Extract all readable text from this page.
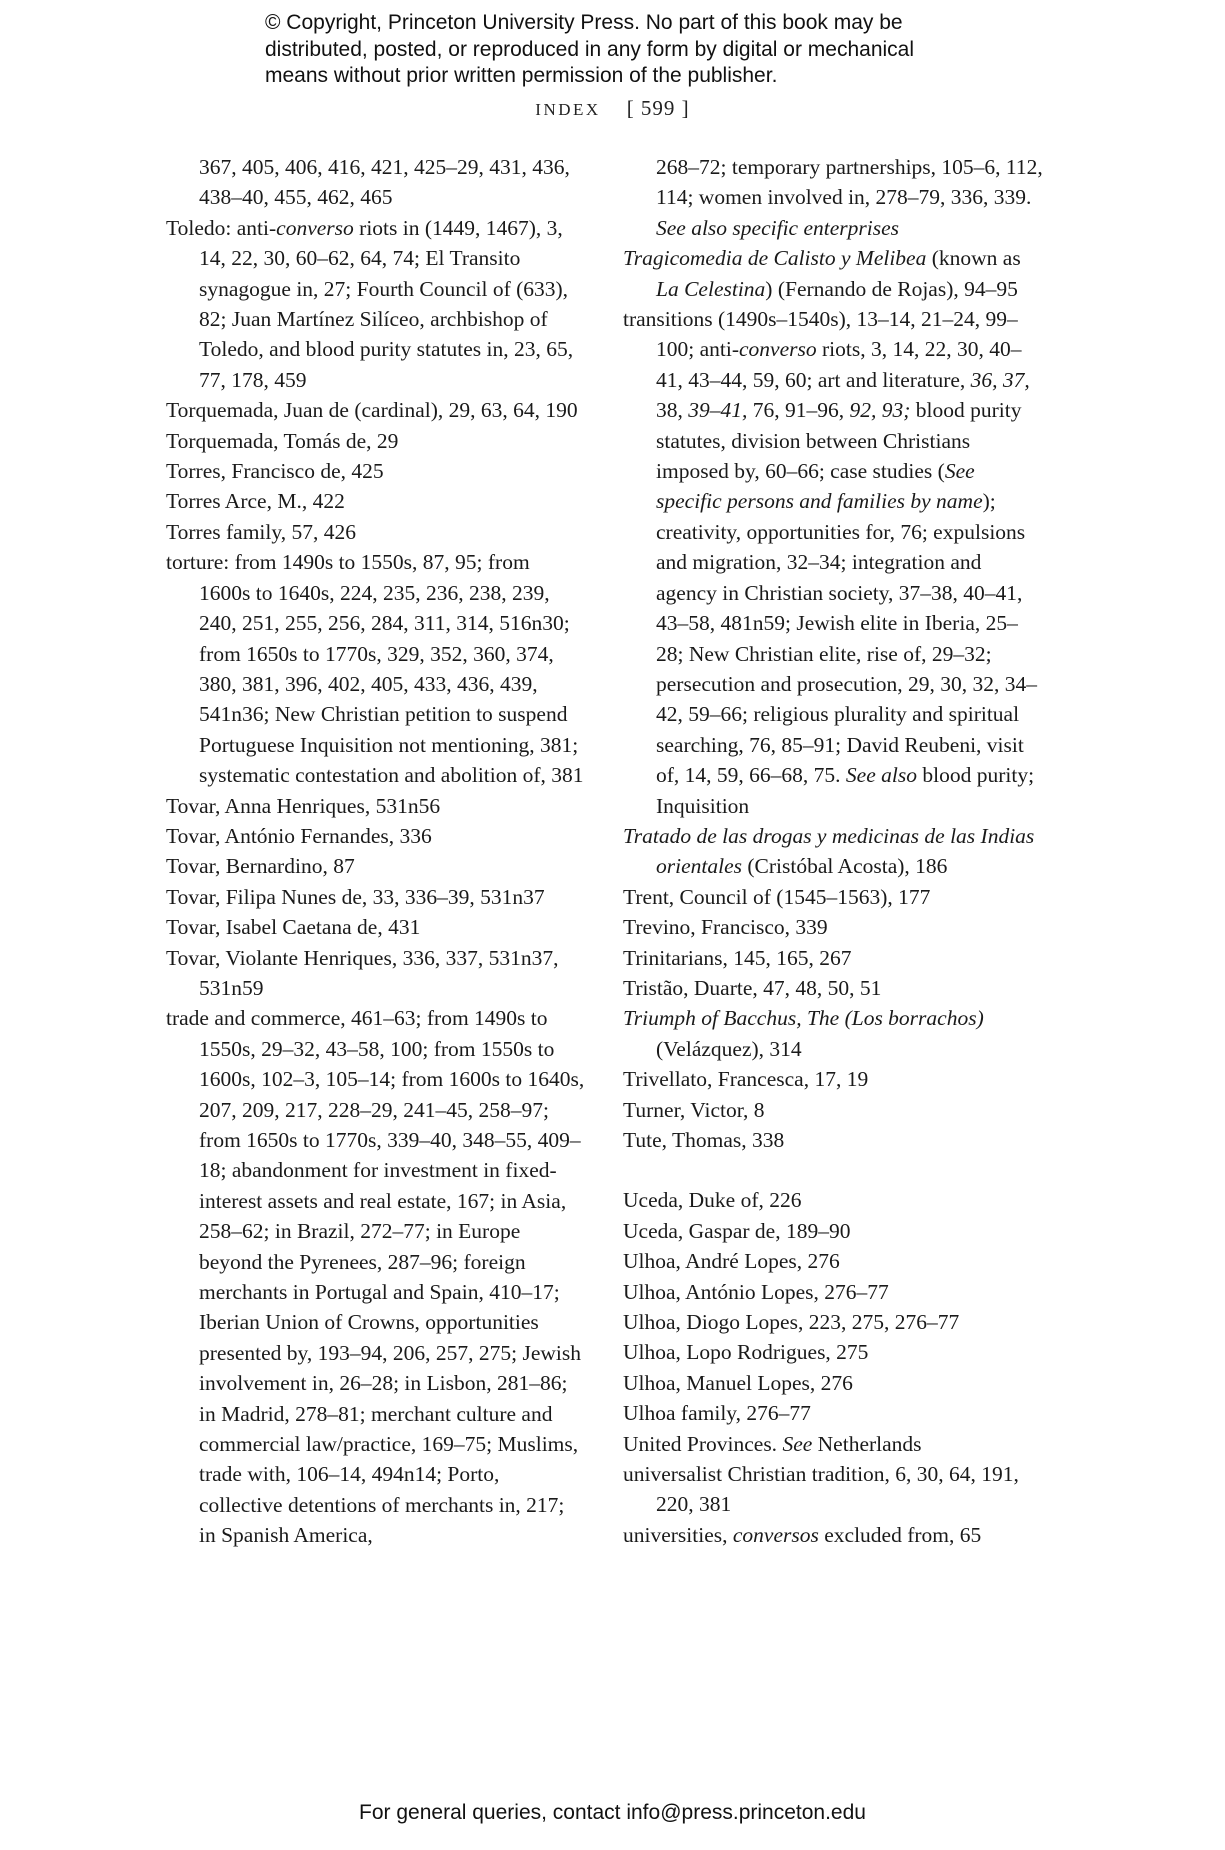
© Copyright, Princeton University Press. No part of this book may be
distributed, posted, or reproduced in any form by digital or mechanical
means without prior written permission of the publisher.
INDEX [ 599 ]

367, 405, 406, 416, 421, 425–29, 431, 436, 438–40, 455, 462, 465

Toledo: anti-converso riots in (1449, 1467), 3, 14, 22, 30, 60–62, 64, 74; El Transito synagogue in, 27; Fourth Council of (633), 82; Juan Martínez Silíceo, archbishop of Toledo, and blood purity statutes in, 23, 65, 77, 178, 459

Torquemada, Juan de (cardinal), 29, 63, 64, 190

Torquemada, Tomás de, 29

Torres, Francisco de, 425

Torres Arce, M., 422

Torres family, 57, 426

torture: from 1490s to 1550s, 87, 95; from 1600s to 1640s, 224, 235, 236, 238, 239, 240, 251, 255, 256, 284, 311, 314, 516n30; from 1650s to 1770s, 329, 352, 360, 374, 380, 381, 396, 402, 405, 433, 436, 439, 541n36; New Christian petition to suspend Portuguese Inquisition not mentioning, 381; systematic contestation and abolition of, 381

Tovar, Anna Henriques, 531n56

Tovar, António Fernandes, 336

Tovar, Bernardino, 87

Tovar, Filipa Nunes de, 33, 336–39, 531n37

Tovar, Isabel Caetana de, 431

Tovar, Violante Henriques, 336, 337, 531n37, 531n59

trade and commerce, 461–63; from 1490s to 1550s, 29–32, 43–58, 100; from 1550s to 1600s, 102–3, 105–14; from 1600s to 1640s, 207, 209, 217, 228–29, 241–45, 258–97; from 1650s to 1770s, 339–40, 348–55, 409–18; abandonment for investment in fixed-interest assets and real estate, 167; in Asia, 258–62; in Brazil, 272–77; in Europe beyond the Pyrenees, 287–96; foreign merchants in Portugal and Spain, 410–17; Iberian Union of Crowns, opportunities presented by, 193–94, 206, 257, 275; Jewish involvement in, 26–28; in Lisbon, 281–86; in Madrid, 278–81; merchant culture and commercial law/practice, 169–75; Muslims, trade with, 106–14, 494n14; Porto, collective detentions of merchants in, 217; in Spanish America,

268–72; temporary partnerships, 105–6, 112, 114; women involved in, 278–79, 336, 339. See also specific enterprises

Tragicomedia de Calisto y Melibea (known as La Celestina) (Fernando de Rojas), 94–95

transitions (1490s–1540s), 13–14, 21–24, 99–100; anti-converso riots, 3, 14, 22, 30, 40–41, 43–44, 59, 60; art and literature, 36, 37, 38, 39–41, 76, 91–96, 92, 93; blood purity statutes, division between Christians imposed by, 60–66; case studies (See specific persons and families by name); creativity, opportunities for, 76; expulsions and migration, 32–34; integration and agency in Christian society, 37–38, 40–41, 43–58, 481n59; Jewish elite in Iberia, 25–28; New Christian elite, rise of, 29–32; persecution and prosecution, 29, 30, 32, 34–42, 59–66; religious plurality and spiritual searching, 76, 85–91; David Reubeni, visit of, 14, 59, 66–68, 75. See also blood purity; Inquisition

Tratado de las drogas y medicinas de las Indias orientales (Cristóbal Acosta), 186

Trent, Council of (1545–1563), 177

Trevino, Francisco, 339

Trinitarians, 145, 165, 267

Tristão, Duarte, 47, 48, 50, 51

Triumph of Bacchus, The (Los borrachos) (Velázquez), 314

Trivellato, Francesca, 17, 19

Turner, Victor, 8

Tute, Thomas, 338

Uceda, Duke of, 226

Uceda, Gaspar de, 189–90

Ulhoa, André Lopes, 276

Ulhoa, António Lopes, 276–77

Ulhoa, Diogo Lopes, 223, 275, 276–77

Ulhoa, Lopo Rodrigues, 275

Ulhoa, Manuel Lopes, 276

Ulhoa family, 276–77

United Provinces. See Netherlands

universalist Christian tradition, 6, 30, 64, 191, 220, 381

universities, conversos excluded from, 65

For general queries, contact info@press.princeton.edu
